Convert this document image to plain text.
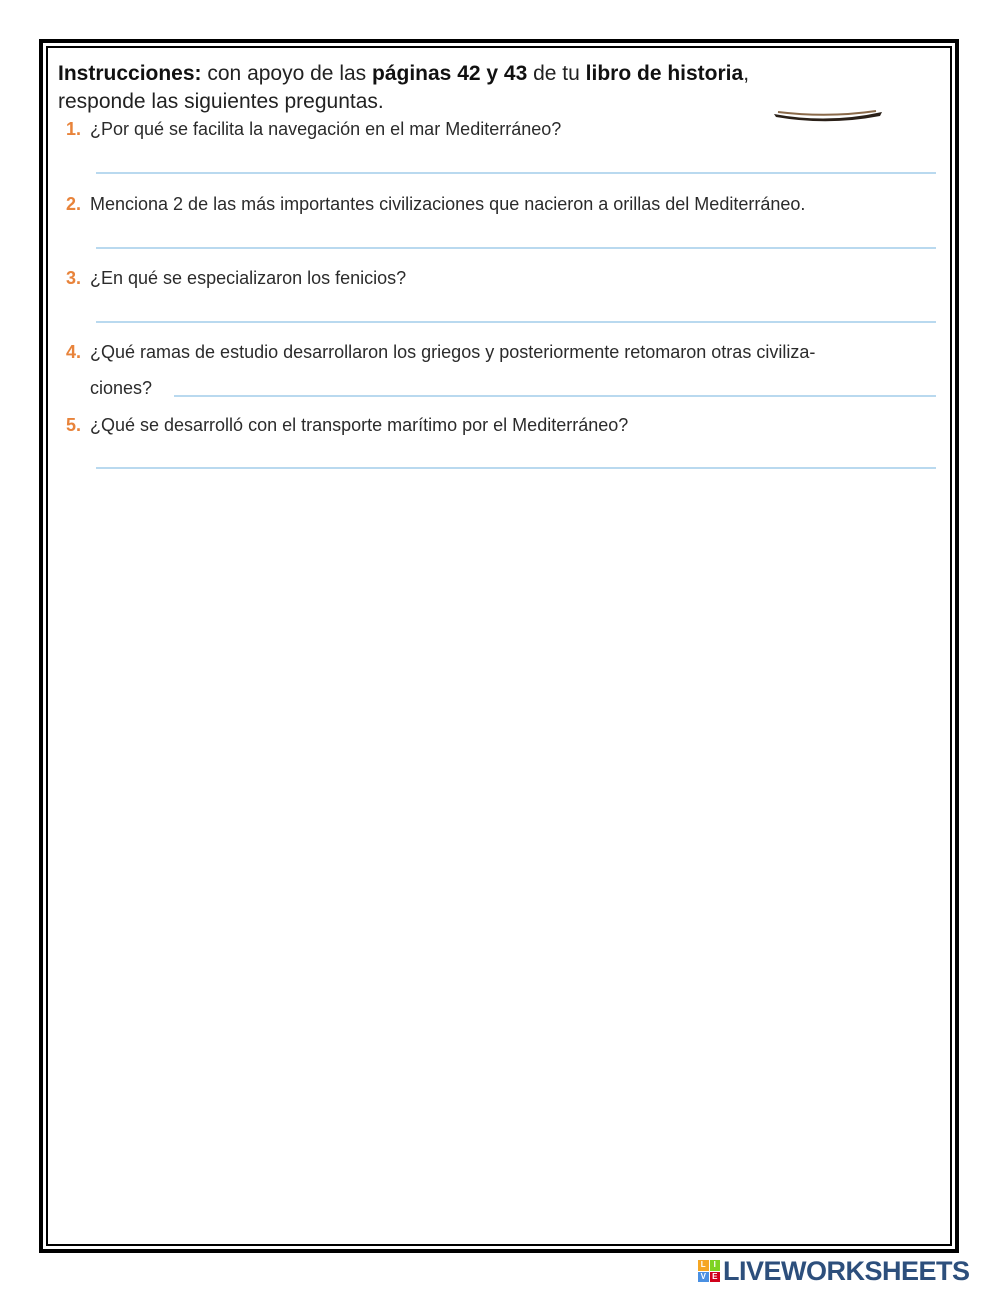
Instrucciones: con apoyo de las páginas 42 y 43 de tu libro de historia,
responde las siguientes preguntas.
1. ¿Por qué se facilita la navegación en el mar Mediterráneo?
2. Menciona 2 de las más importantes civilizaciones que nacieron a orillas del Mediterráneo.
3. ¿En qué se especializaron los fenicios?
4. ¿Qué ramas de estudio desarrollaron los griegos y posteriormente retomaron otras civiliza-
ciones?
5. ¿Qué se desarrolló con el transporte marítimo por el Mediterráneo?
L I
V E LIVEWORKSHEETS
